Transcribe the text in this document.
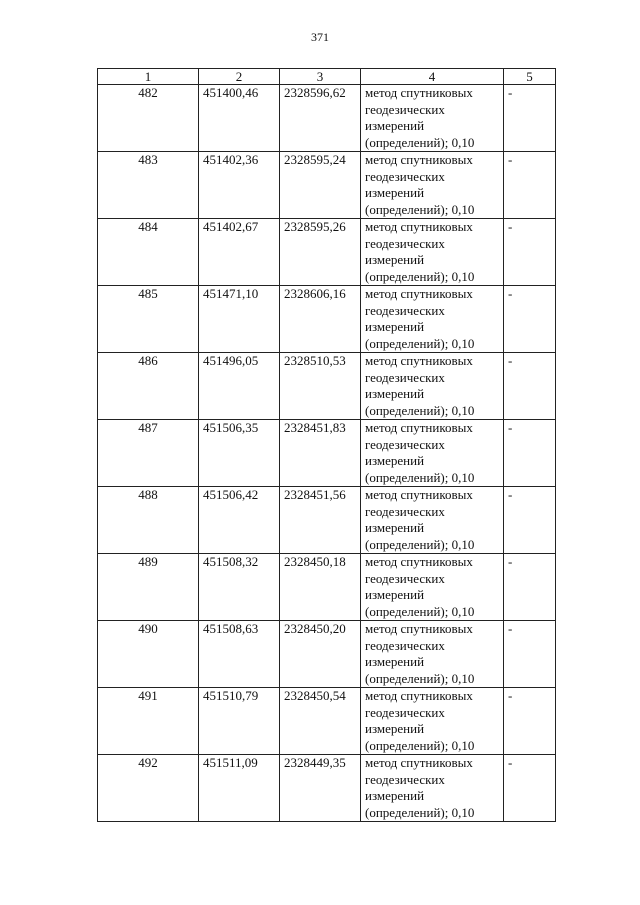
371
1	2	3	4	5
482	451400,46	2328596,62	метод спутниковых геодезических измерений (определений); 0,10	-
483	451402,36	2328595,24	метод спутниковых геодезических измерений (определений); 0,10	-
484	451402,67	2328595,26	метод спутниковых геодезических измерений (определений); 0,10	-
485	451471,10	2328606,16	метод спутниковых геодезических измерений (определений); 0,10	-
486	451496,05	2328510,53	метод спутниковых геодезических измерений (определений); 0,10	-
487	451506,35	2328451,83	метод спутниковых геодезических измерений (определений); 0,10	-
488	451506,42	2328451,56	метод спутниковых геодезических измерений (определений); 0,10	-
489	451508,32	2328450,18	метод спутниковых геодезических измерений (определений); 0,10	-
490	451508,63	2328450,20	метод спутниковых геодезических измерений (определений); 0,10	-
491	451510,79	2328450,54	метод спутниковых геодезических измерений (определений); 0,10	-
492	451511,09	2328449,35	метод спутниковых геодезических измерений (определений); 0,10	-
